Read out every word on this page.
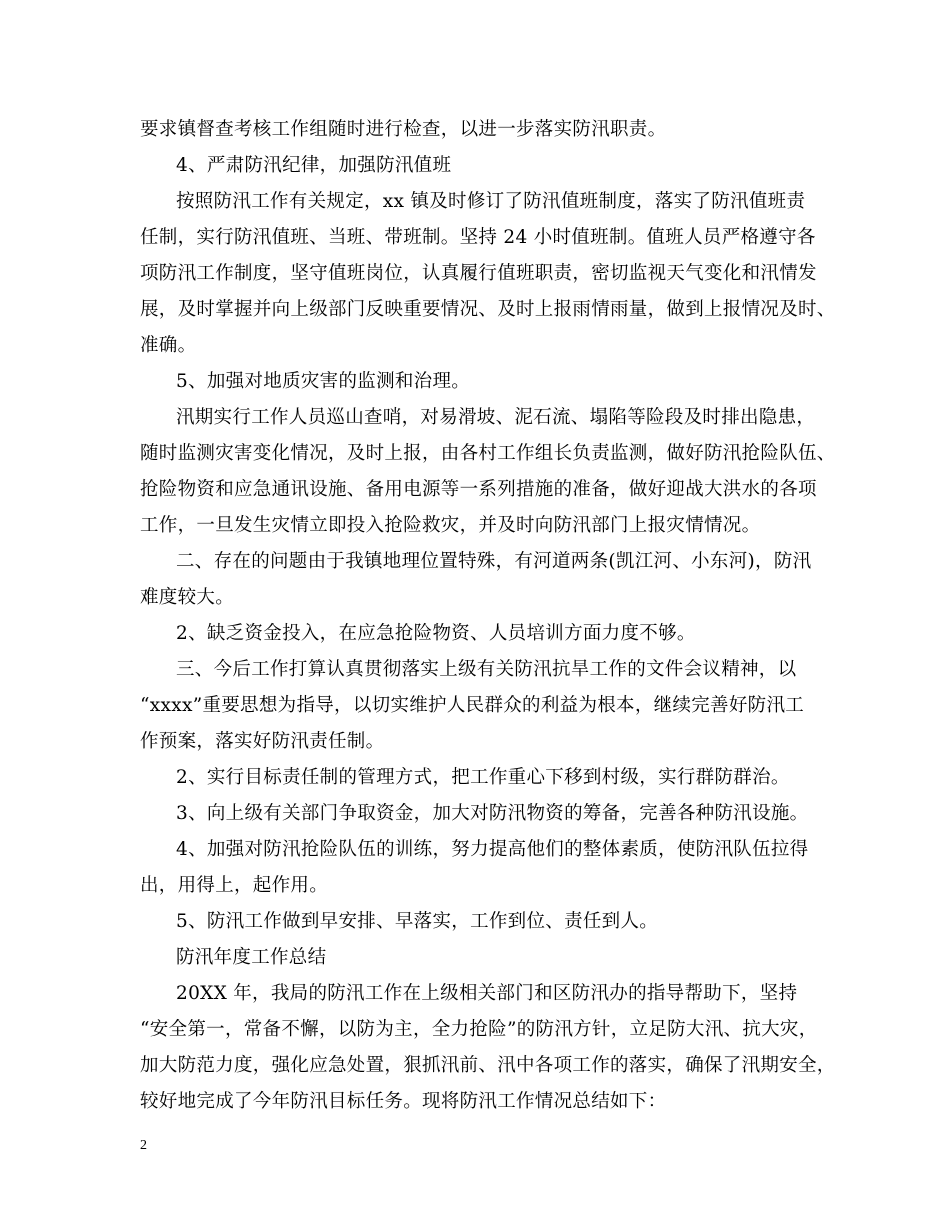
要求镇督查考核工作组随时进行检查，以进一步落实防汛职责。
4、严肃防汛纪律，加强防汛值班
按照防汛工作有关规定，xx 镇及时修订了防汛值班制度，落实了防汛值班责
任制，实行防汛值班、当班、带班制。坚持 24 小时值班制。值班人员严格遵守各
项防汛工作制度，坚守值班岗位，认真履行值班职责，密切监视天气变化和汛情发
展，及时掌握并向上级部门反映重要情况、及时上报雨情雨量，做到上报情况及时、
准确。
5、加强对地质灾害的监测和治理。
汛期实行工作人员巡山查哨，对易滑坡、泥石流、塌陷等险段及时排出隐患，
随时监测灾害变化情况，及时上报，由各村工作组长负责监测，做好防汛抢险队伍、
抢险物资和应急通讯设施、备用电源等一系列措施的准备，做好迎战大洪水的各项
工作，一旦发生灾情立即投入抢险救灾，并及时向防汛部门上报灾情情况。
二、存在的问题由于我镇地理位置特殊，有河道两条(凯江河、小东河)，防汛
难度较大。
2、缺乏资金投入，在应急抢险物资、人员培训方面力度不够。
三、今后工作打算认真贯彻落实上级有关防汛抗旱工作的文件会议精神，以
“xxxx”重要思想为指导，以切实维护人民群众的利益为根本，继续完善好防汛工
作预案，落实好防汛责任制。
2、实行目标责任制的管理方式，把工作重心下移到村级，实行群防群治。
3、向上级有关部门争取资金，加大对防汛物资的筹备，完善各种防汛设施。
4、加强对防汛抢险队伍的训练，努力提高他们的整体素质，使防汛队伍拉得
出，用得上，起作用。
5、防汛工作做到早安排、早落实，工作到位、责任到人。
防汛年度工作总结
20XX 年，我局的防汛工作在上级相关部门和区防汛办的指导帮助下，坚持
“安全第一，常备不懈，以防为主，全力抢险”的防汛方针，立足防大汛、抗大灾，
加大防范力度，强化应急处置，狠抓汛前、汛中各项工作的落实，确保了汛期安全，
较好地完成了今年防汛目标任务。现将防汛工作情况总结如下：
2
